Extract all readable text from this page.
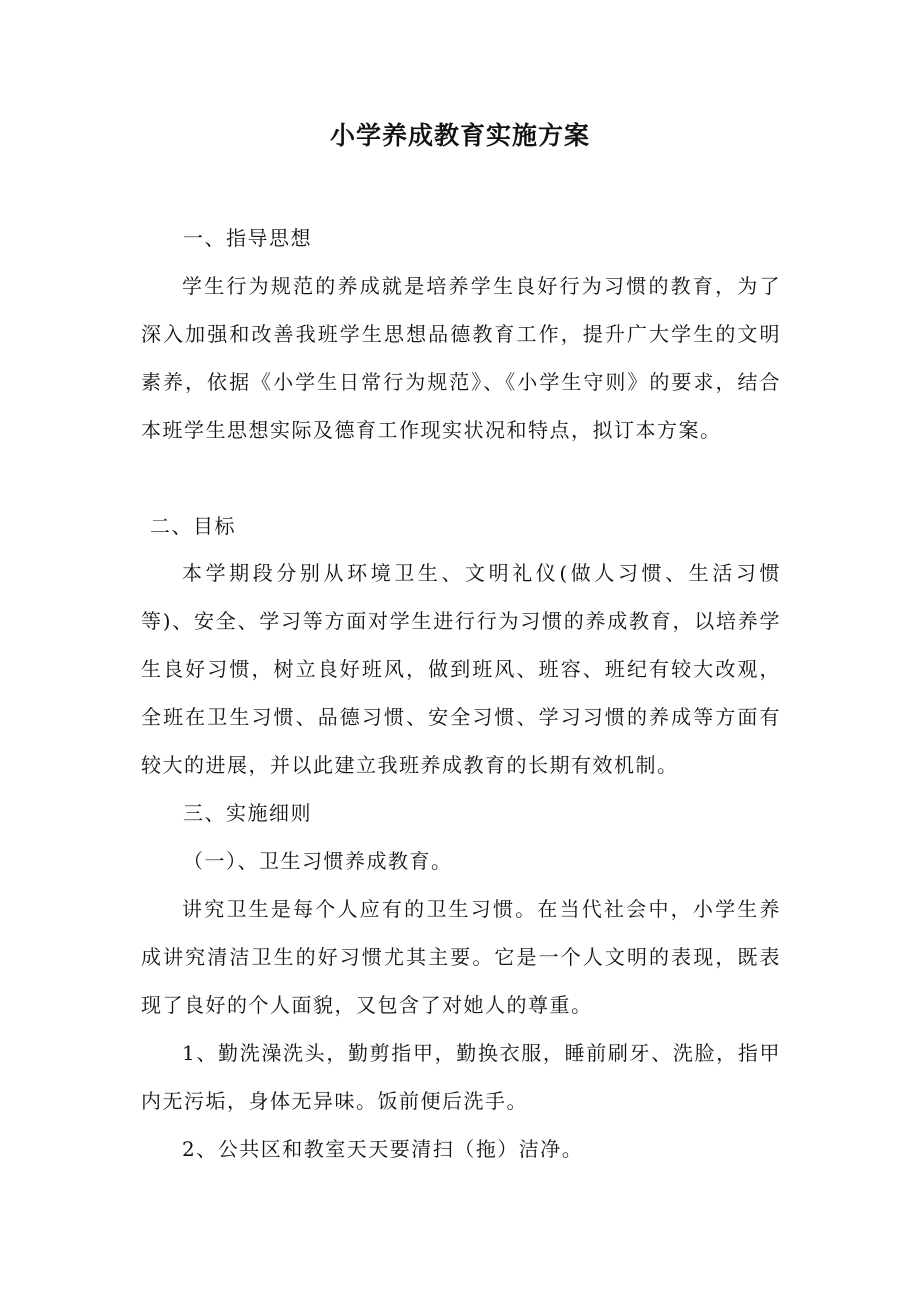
小学养成教育实施方案
一、指导思想
学生行为规范的养成就是培养学生良好行为习惯的教育，为了深入加强和改善我班学生思想品德教育工作，提升广大学生的文明素养，依据《小学生日常行为规范》、《小学生守则》的要求，结合本班学生思想实际及德育工作现实状况和特点，拟订本方案。
二、目标
本学期段分别从环境卫生、文明礼仪(做人习惯、生活习惯等)、安全、学习等方面对学生进行行为习惯的养成教育，以培养学生良好习惯，树立良好班风，做到班风、班容、班纪有较大改观，全班在卫生习惯、品德习惯、安全习惯、学习习惯的养成等方面有较大的进展，并以此建立我班养成教育的长期有效机制。
三、实施细则
（一）、卫生习惯养成教育。
讲究卫生是每个人应有的卫生习惯。在当代社会中，小学生养成讲究清洁卫生的好习惯尤其主要。它是一个人文明的表现，既表现了良好的个人面貌，又包含了对她人的尊重。
1、勤洗澡洗头，勤剪指甲，勤换衣服，睡前刷牙、洗脸，指甲内无污垢，身体无异味。饭前便后洗手。
2、公共区和教室天天要清扫（拖）洁净。
